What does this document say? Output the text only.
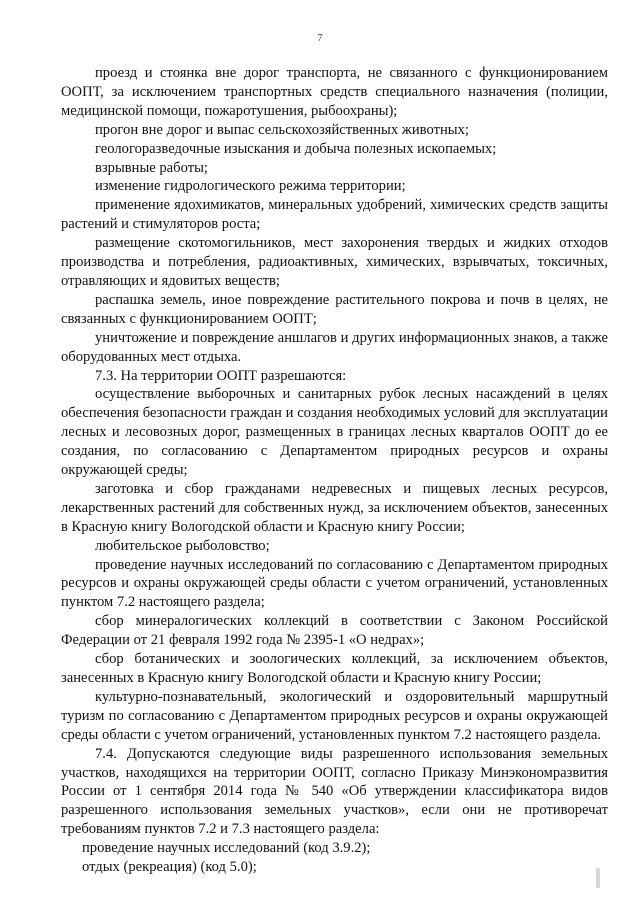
7

проезд и стоянка вне дорог транспорта, не связанного с функционированием ООПТ, за исключением транспортных средств специального назначения (полиции, медицинской помощи, пожаротушения, рыбоохраны);

прогон вне дорог и выпас сельскохозяйственных животных;

геологоразведочные изыскания и добыча полезных ископаемых;

взрывные работы;

изменение гидрологического режима территории;

применение ядохимикатов, минеральных удобрений, химических средств защиты растений и стимуляторов роста;

размещение скотомогильников, мест захоронения твердых и жидких отходов производства и потребления, радиоактивных, химических, взрывчатых, токсичных, отравляющих и ядовитых веществ;

распашка земель, иное повреждение растительного покрова и почв в целях, не связанных с функционированием ООПТ;

уничтожение и повреждение аншлагов и других информационных знаков, а также оборудованных мест отдыха.

7.3. На территории ООПТ разрешаются:

осуществление выборочных и санитарных рубок лесных насаждений в целях обеспечения безопасности граждан и создания необходимых условий для эксплуатации лесных и лесовозных дорог, размещенных в границах лесных кварталов ООПТ до ее создания, по согласованию с Департаментом природных ресурсов и охраны окружающей среды;

заготовка и сбор гражданами недревесных и пищевых лесных ресурсов, лекарственных растений для собственных нужд, за исключением объектов, занесенных в Красную книгу Вологодской области и Красную книгу России;

любительское рыболовство;

проведение научных исследований по согласованию с Департаментом природных ресурсов и охраны окружающей среды области с учетом ограничений, установленных пунктом 7.2 настоящего раздела;

сбор минералогических коллекций в соответствии с Законом Российской Федерации от 21 февраля 1992 года № 2395-1 «О недрах»;

сбор ботанических и зоологических коллекций, за исключением объектов, занесенных в Красную книгу Вологодской области и Красную книгу России;

культурно-познавательный, экологический и оздоровительный маршрутный туризм по согласованию с Департаментом природных ресурсов и охраны окружающей среды области с учетом ограничений, установленных пунктом 7.2 настоящего раздела.

7.4. Допускаются следующие виды разрешенного использования земельных участков, находящихся на территории ООПТ, согласно Приказу Минэкономразвития России от 1 сентября 2014 года № 540 «Об утверждении классификатора видов разрешенного использования земельных участков», если они не противоречат требованиям пунктов 7.2 и 7.3 настоящего раздела:

проведение научных исследований (код 3.9.2);

отдых (рекреация) (код 5.0);
